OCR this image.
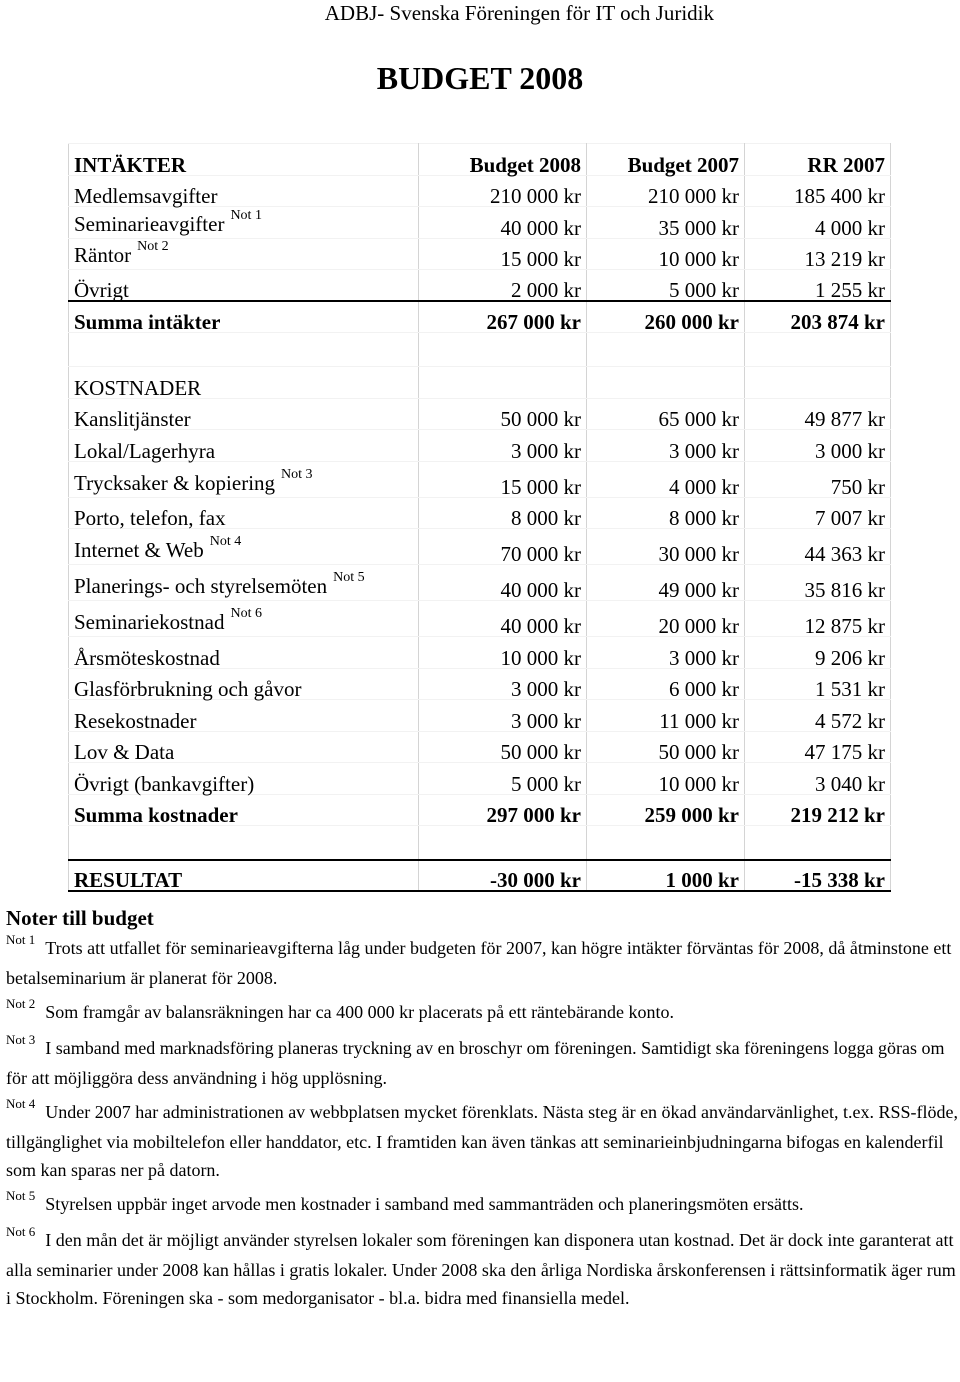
ADBJ- Svenska Föreningen för IT och Juridik
BUDGET 2008
INTÄKTER	Budget 2008	Budget 2007	RR 2007
Medlemsavgifter	210 000 kr	210 000 kr	185 400 kr
Seminarieavgifter $^{Not 1}$	40 000 kr	35 000 kr	4 000 kr
Räntor $^{Not 2}$	15 000 kr	10 000 kr	13 219 kr
Övrigt	2 000 kr	5 000 kr	1 255 kr
Summa intäkter	267 000 kr	260 000 kr	203 874 kr

KOSTNADER			
Kanslitjänster	50 000 kr	65 000 kr	49 877 kr
Lokal/Lagerhyra	3 000 kr	3 000 kr	3 000 kr
Trycksaker & kopiering $^{Not 3}$	15 000 kr	4 000 kr	750 kr
Porto, telefon, fax	8 000 kr	8 000 kr	7 007 kr
Internet & Web $^{Not 4}$	70 000 kr	30 000 kr	44 363 kr
Planerings- och styrelsemöten $^{Not 5}$	40 000 kr	49 000 kr	35 816 kr
Seminariekostnad $^{Not 6}$	40 000 kr	20 000 kr	12 875 kr
Årsmöteskostnad	10 000 kr	3 000 kr	9 206 kr
Glasförbrukning och gåvor	3 000 kr	6 000 kr	1 531 kr
Resekostnader	3 000 kr	11 000 kr	4 572 kr
Lov & Data	50 000 kr	50 000 kr	47 175 kr
Övrigt (bankavgifter)	5 000 kr	10 000 kr	3 040 kr
Summa kostnader	297 000 kr	259 000 kr	219 212 kr

RESULTAT	-30 000 kr	1 000 kr	-15 338 kr
Noter till budget
$^{Not 1}$ Trots att utfallet för seminarieavgifterna låg under budgeten för 2007, kan högre intäkter förväntas för 2008, då åtminstone ett betalseminarium är planerat för 2008.
$^{Not 2}$ Som framgår av balansräkningen har ca 400 000 kr placerats på ett räntebärande konto.
$^{Not 3}$ I samband med marknadsföring planeras tryckning av en broschyr om föreningen. Samtidigt ska föreningens logga göras om för att möjliggöra dess användning i hög upplösning.
$^{Not 4}$ Under 2007 har administrationen av webbplatsen mycket förenklats. Nästa steg är en ökad användarvänlighet, t.ex. RSS-flöde, tillgänglighet via mobiltelefon eller handdator, etc. I framtiden kan även tänkas att seminarieinbjudningarna bifogas en kalenderfil som kan sparas ner på datorn.
$^{Not 5}$ Styrelsen uppbär inget arvode men kostnader i samband med sammanträden och planeringsmöten ersätts.
$^{Not 6}$ I den mån det är möjligt använder styrelsen lokaler som föreningen kan disponera utan kostnad. Det är dock inte garanterat att alla seminarier under 2008 kan hållas i gratis lokaler. Under 2008 ska den årliga Nordiska årskonferensen i rättsinformatik äger rum i Stockholm. Föreningen ska - som medorganisator - bl.a. bidra med finansiella medel.
